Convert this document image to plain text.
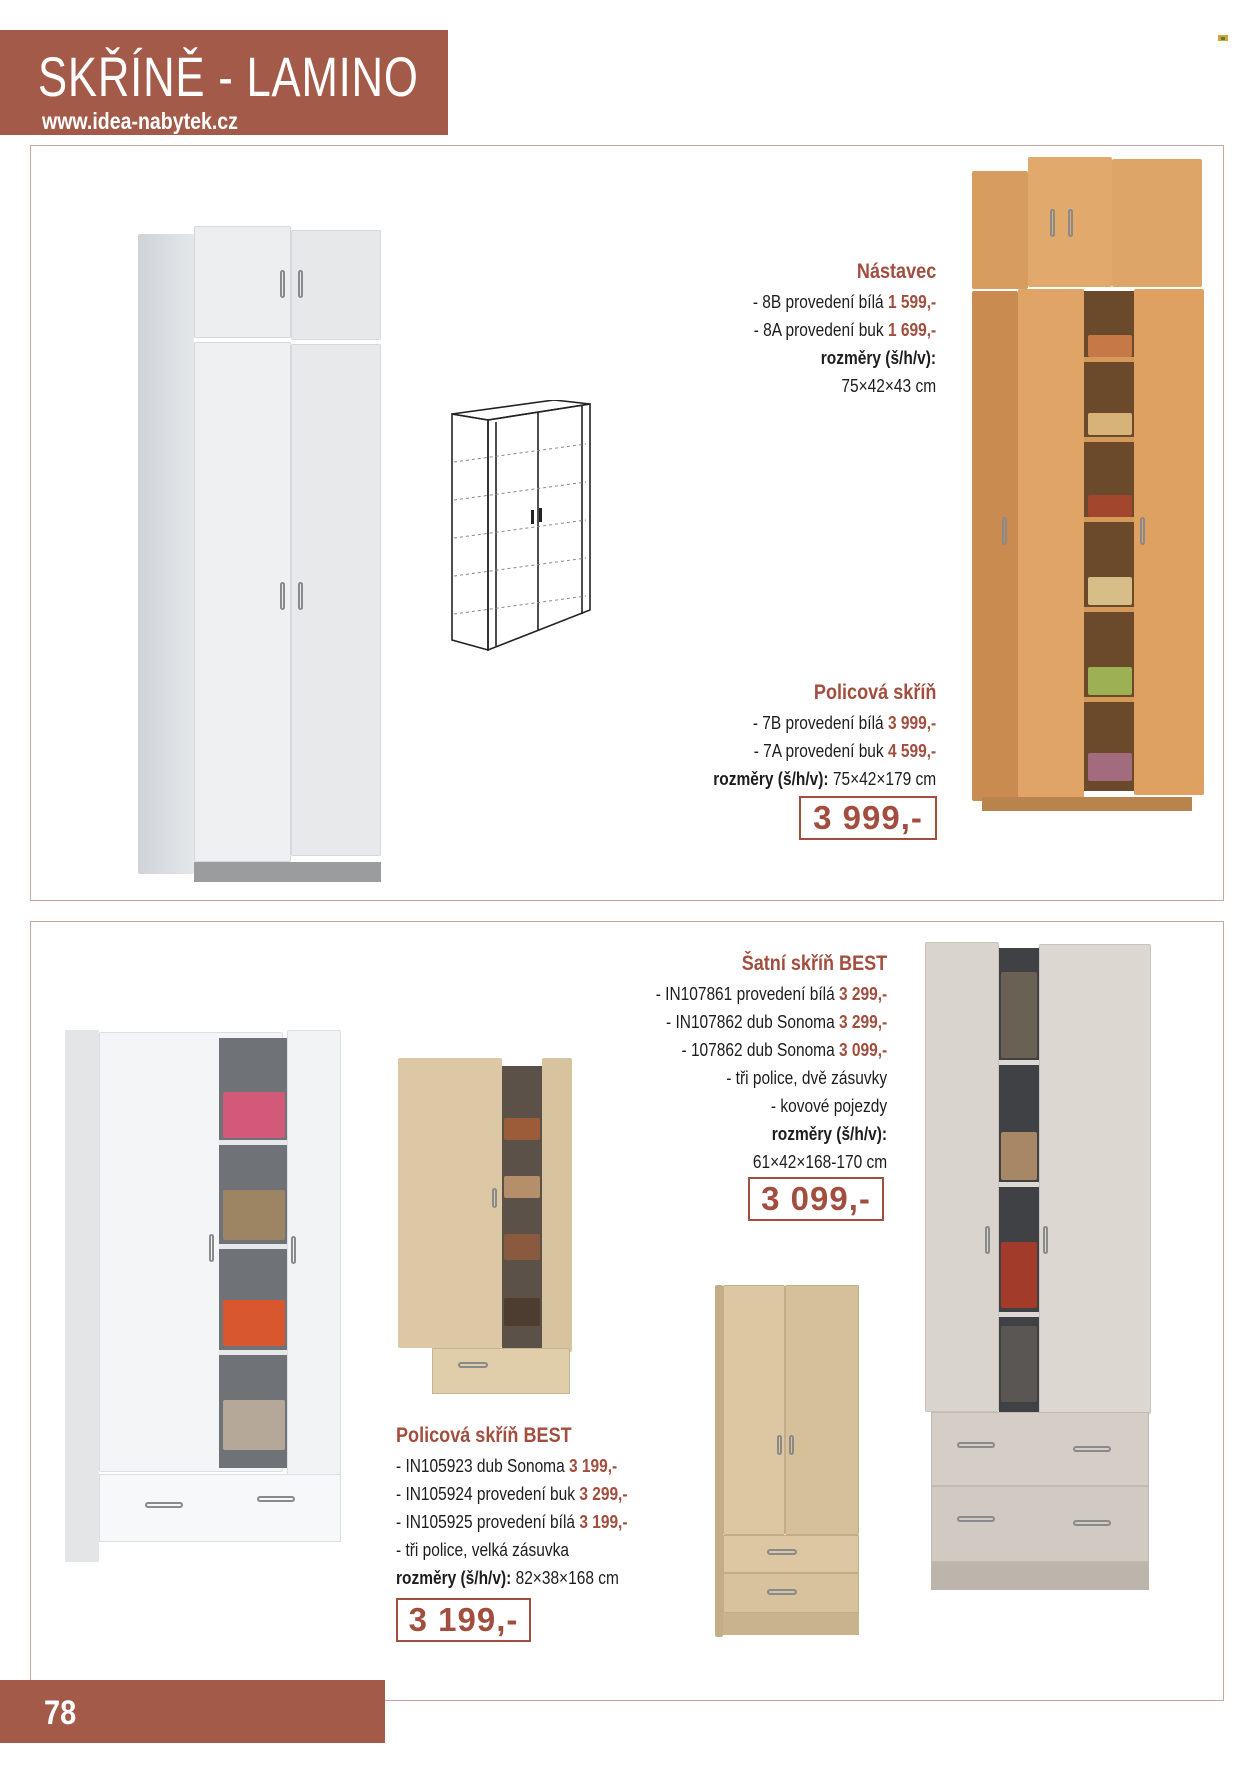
SKŘÍNĚ - LAMINO
www.idea-nabytek.cz
Nástavec
- 8B provedení bílá 1 599,-
- 8A provedení buk 1 699,-
rozměry (š/h/v):
75×42×43 cm
Policová skříň
- 7B provedení bílá 3 999,-
- 7A provedení buk 4 599,-
rozměry (š/h/v): 75×42×179 cm
3 999,-
Šatní skříň BEST
- IN107861 provedení bílá 3 299,-
- IN107862 dub Sonoma 3 299,-
- 107862 dub Sonoma 3 099,-
- tři police, dvě zásuvky
- kovové pojezdy
rozměry (š/h/v):
61×42×168-170 cm
3 099,-
Policová skříň BEST
- IN105923 dub Sonoma 3 199,-
- IN105924 provedení buk 3 299,-
- IN105925 provedení bílá 3 199,-
- tři police, velká zásuvka
rozměry (š/h/v): 82×38×168 cm
3 199,-
78
